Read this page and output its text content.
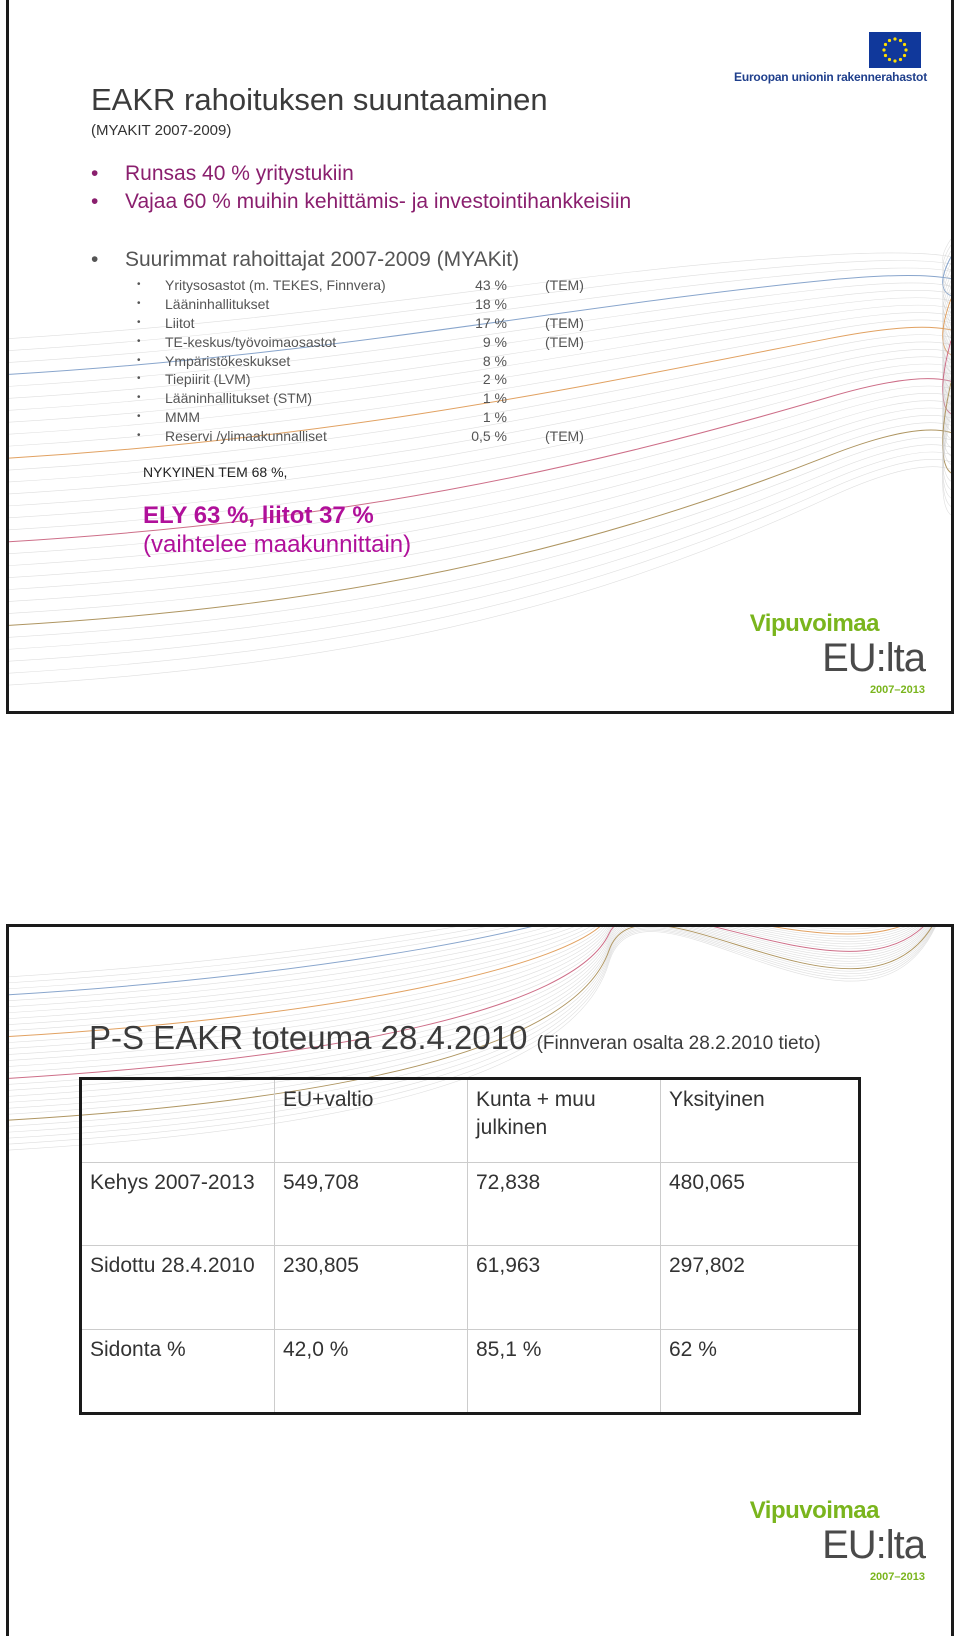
Euroopan unionin rakennerahastot
EAKR rahoituksen suuntaaminen
(MYAKIT 2007-2009)
• Runsas 40 % yritystukiin
• Vajaa 60 % muihin kehittämis- ja investointihankkeisiin
• Suurimmat rahoittajat 2007-2009 (MYAKit)
• Yritysosastot (m. TEKES, Finnvera)	43 %	(TEM)
• Lääninhallitukset	18 %
• Liitot	17 %	(TEM)
• TE-keskus/työvoimaosastot	9 %	(TEM)
• Ympäristökeskukset	8 %
• Tiepiirit (LVM)	2 %
• Lääninhallitukset (STM)	1 %
• MMM	1 %
• Reservi /ylimaakunnalliset	0,5 %	(TEM)
NYKYINEN TEM 68 %,
ELY 63 %, liitot 37 %
(vaihtelee maakunnittain)
Vipuvoimaa
EU:lta
2007–2013
P-S EAKR toteuma 28.4.2010 (Finnveran osalta 28.2.2010 tieto)
	EU+valtio	Kunta + muu julkinen	Yksityinen
Kehys 2007-2013	549,708	72,838	480,065
Sidottu 28.4.2010	230,805	61,963	297,802
Sidonta %	42,0 %	85,1 %	62 %
Vipuvoimaa
EU:lta
2007–2013
